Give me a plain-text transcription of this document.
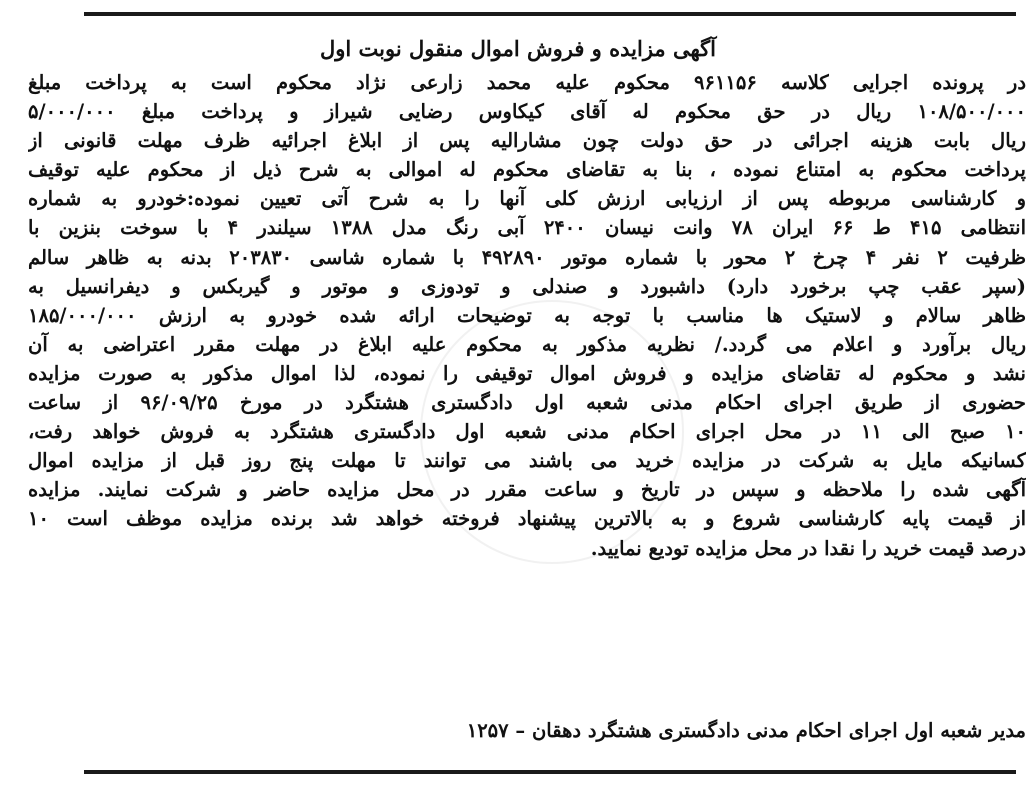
آگهی مزایده و فروش اموال منقول نوبت اول
در پرونده اجرایی کلاسه ۹۶۱۱۵۶ محکوم علیه محمد زارعی نژاد محکوم است به پرداخت مبلغ
۱۰۸/۵۰۰/۰۰۰ ریال در حق محکوم له آقای کیکاوس رضایی شیراز و پرداخت مبلغ ۵/۰۰۰/۰۰۰
ریال بابت هزینه اجرائی در حق دولت چون مشارالیه پس از ابلاغ اجرائیه ظرف مهلت قانونی از
پرداخت محکوم به امتناع نموده ، بنا به تقاضای محکوم له اموالی به شرح ذیل از محکوم علیه توقیف
و کارشناسی مربوطه پس از ارزیابی ارزش کلی آنها را به شرح آتی تعیین نموده:خودرو به شماره
انتظامی ۴۱۵ ط ۶۶ ایران ۷۸ وانت نیسان ۲۴۰۰ آبی رنگ مدل ۱۳۸۸ سیلندر ۴ با سوخت بنزین با
ظرفیت ۲ نفر ۴ چرخ ۲ محور با شماره موتور ۴۹۲۸۹۰ با شماره شاسی ۲۰۳۸۳۰ بدنه به ظاهر سالم
(سپر عقب چپ برخورد دارد) داشبورد و صندلی و تودوزی و موتور و گیربکس و دیفرانسیل به
ظاهر سالام و لاستیک ها مناسب با توجه به توضیحات ارائه شده خودرو به ارزش ۱۸۵/۰۰۰/۰۰۰
ریال برآورد و اعلام می گردد./ نظریه مذکور به محکوم علیه ابلاغ در مهلت مقرر اعتراضی به آن
نشد و محکوم له تقاضای مزایده و فروش اموال توقیفی را نموده، لذا اموال مذکور به صورت مزایده
حضوری از طریق اجرای احکام مدنی شعبه اول دادگستری هشتگرد در مورخ ۹۶/۰۹/۲۵ از ساعت
۱۰ صبح الی ۱۱ در محل اجرای احکام مدنی شعبه اول دادگستری هشتگرد به فروش خواهد رفت،
کسانیکه مایل به شرکت در مزایده خرید می باشند می توانند تا مهلت پنج روز قبل از مزایده اموال
آگهی شده را ملاحظه و سپس در تاریخ و ساعت مقرر در محل مزایده حاضر و شرکت نمایند. مزایده
از قیمت پایه کارشناسی شروع و به بالاترین پیشنهاد فروخته خواهد شد برنده مزایده موظف است ۱۰
درصد قیمت خرید را نقدا در محل مزایده تودیع نمایید.
مدیر شعبه اول اجرای احکام مدنی دادگستری هشتگرد دهقان – ۱۲۵۷
